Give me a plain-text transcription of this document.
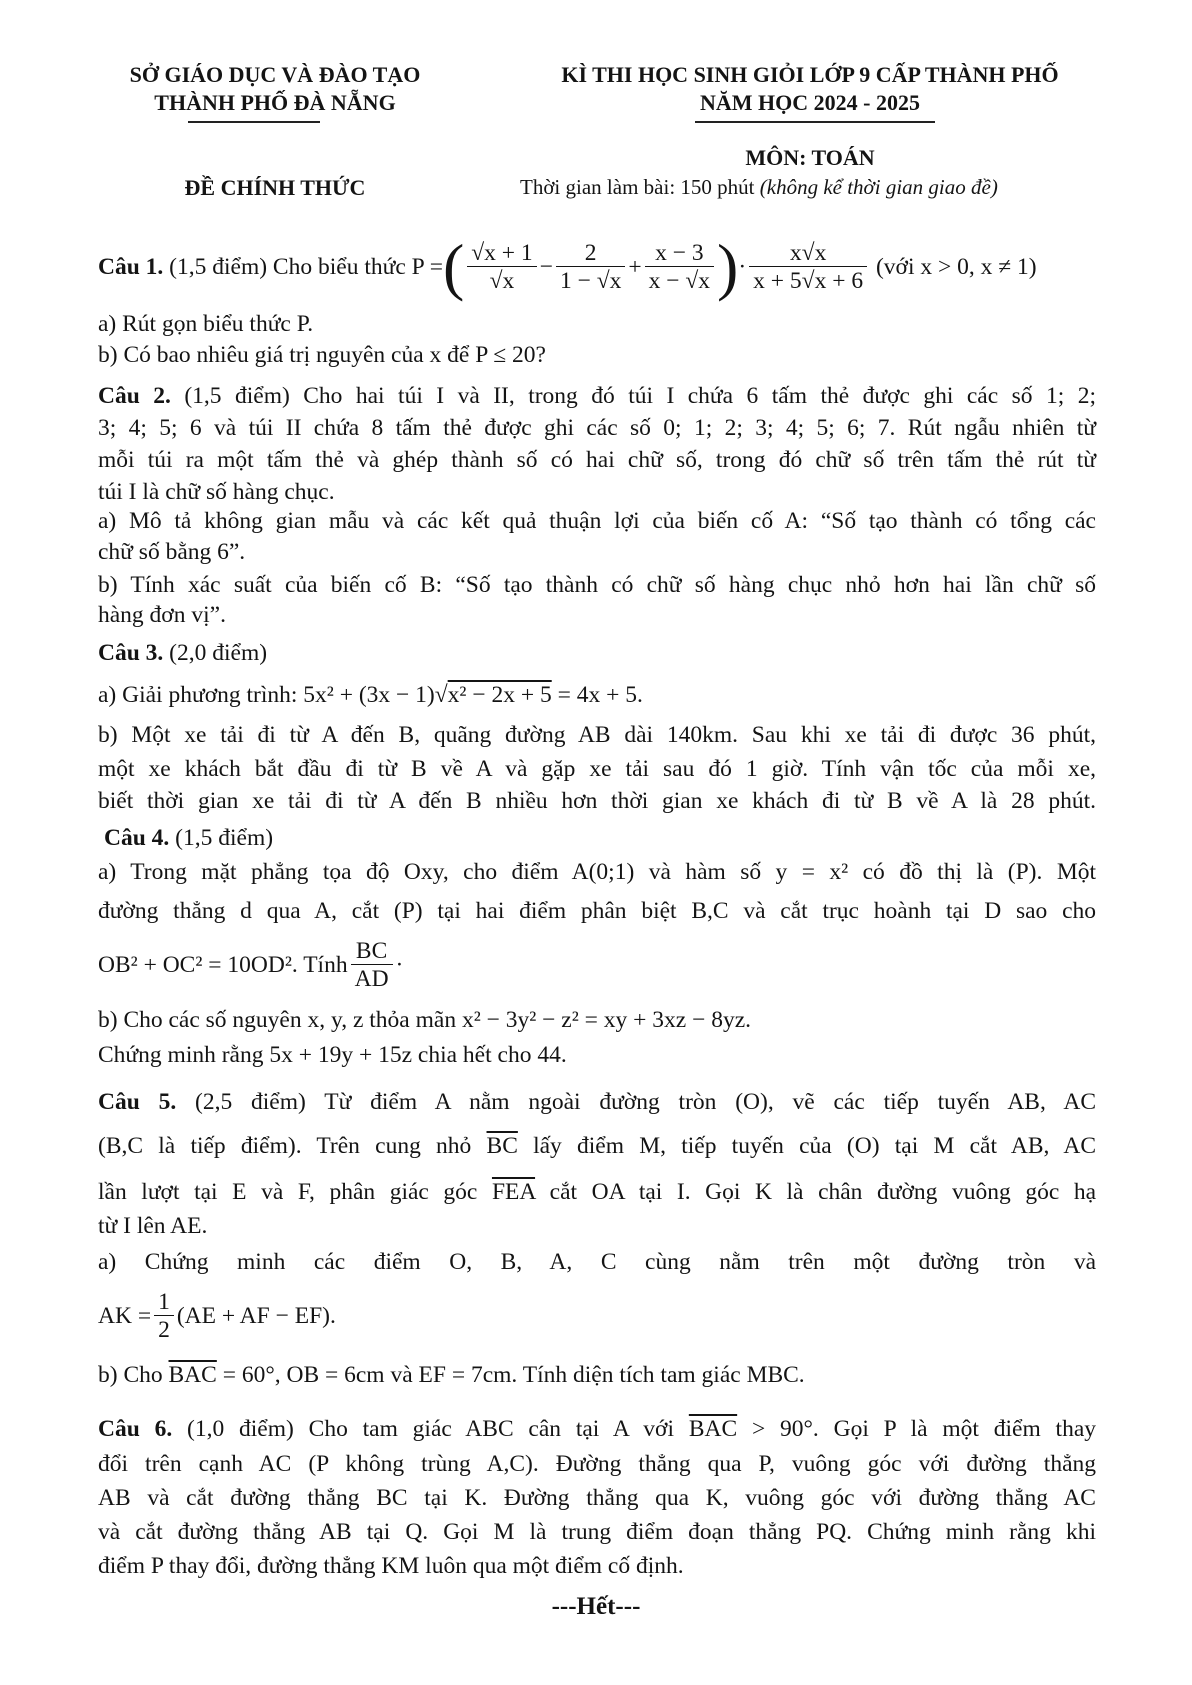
SỞ GIÁO DỤC VÀ ĐÀO TẠO
THÀNH PHỐ ĐÀ NẴNG
KÌ THI HỌC SINH GIỎI LỚP 9 CẤP THÀNH PHỐ
NĂM HỌC 2024 - 2025
MÔN: TOÁN
ĐỀ CHÍNH THỨC	Thời gian làm bài: 150 phút (không kể thời gian giao đề)
Câu 1.
(1,5 điểm) Cho biểu thức P = ( $\frac{√x + 1}{√x} - \frac{2}{1 - √x} + \frac{x - 3}{x - √x}$ ) · $\frac{x√x}{x + 5√x + 6}$
(với x > 0, x ≠ 1)
a) Rút gọn biểu thức P.
b) Có bao nhiêu giá trị nguyên của x để P ≤ 20?
Câu 2. (1,5 điểm) Cho hai túi I và II, trong đó túi I chứa 6 tấm thẻ được ghi các số 1; 2;
3; 4; 5; 6 và túi II chứa 8 tấm thẻ được ghi các số 0; 1; 2; 3; 4; 5; 6; 7. Rút ngẫu nhiên từ
mỗi túi ra một tấm thẻ và ghép thành số có hai chữ số, trong đó chữ số trên tấm thẻ rút từ
túi I là chữ số hàng chục.
a) Mô tả không gian mẫu và các kết quả thuận lợi của biến cố A: “Số tạo thành có tổng các
chữ số bằng 6”.
b) Tính xác suất của biến cố B: “Số tạo thành có chữ số hàng chục nhỏ hơn hai lần chữ số
hàng đơn vị”.
Câu 3. (2,0 điểm)
a) Giải phương trình: 5x² + (3x − 1)√x² − 2x + 5 = 4x + 5.
b) Một xe tải đi từ A đến B, quãng đường AB dài 140km. Sau khi xe tải đi được 36 phút,
một xe khách bắt đầu đi từ B về A và gặp xe tải sau đó 1 giờ. Tính vận tốc của mỗi xe,
biết thời gian xe tải đi từ A đến B nhiều hơn thời gian xe khách đi từ B về A là 28 phút.
Câu 4. (1,5 điểm)
a) Trong mặt phẳng tọa độ Oxy, cho điểm A(0;1) và hàm số y = x² có đồ thị là (P). Một
đường thẳng d qua A, cắt (P) tại hai điểm phân biệt B,C và cắt trục hoành tại D sao cho
OB² + OC² = 10OD². Tính $\frac{BC}{AD}$ ·
b) Cho các số nguyên x, y, z thỏa mãn x² − 3y² − z² = xy + 3xz − 8yz.
Chứng minh rằng 5x + 19y + 15z chia hết cho 44.
Câu 5. (2,5 điểm) Từ điểm A nằm ngoài đường tròn (O), vẽ các tiếp tuyến AB, AC
(B,C là tiếp điểm). Trên cung nhỏ $\overline{BC}$ lấy điểm M, tiếp tuyến của (O) tại M cắt AB, AC
lần lượt tại E và F, phân giác góc $\overline{FEA}$ cắt OA tại I. Gọi K là chân đường vuông góc hạ
từ I lên AE.
a) Chứng minh các điểm O, B, A, C cùng nằm trên một đường tròn và
AK = $\frac{1}{2} (AE$ + AF − EF).
b) Cho $\overline{BAC} = 60^\circ$, OB = 6cm và EF = 7cm. Tính diện tích tam giác MBC.
Câu 6. (1,0 điểm) Cho tam giác ABC cân tại A với $\overline{BAC} > 90^\circ$. Gọi P là một điểm thay
đổi trên cạnh AC (P không trùng A,C). Đường thẳng qua P, vuông góc với đường thẳng
AB và cắt đường thẳng BC tại K. Đường thẳng qua K, vuông góc với đường thẳng AC
và cắt đường thẳng AB tại Q. Gọi M là trung điểm đoạn thẳng PQ. Chứng minh rằng khi
điểm P thay đổi, đường thẳng KM luôn qua một điểm cố định.
---Hết---
